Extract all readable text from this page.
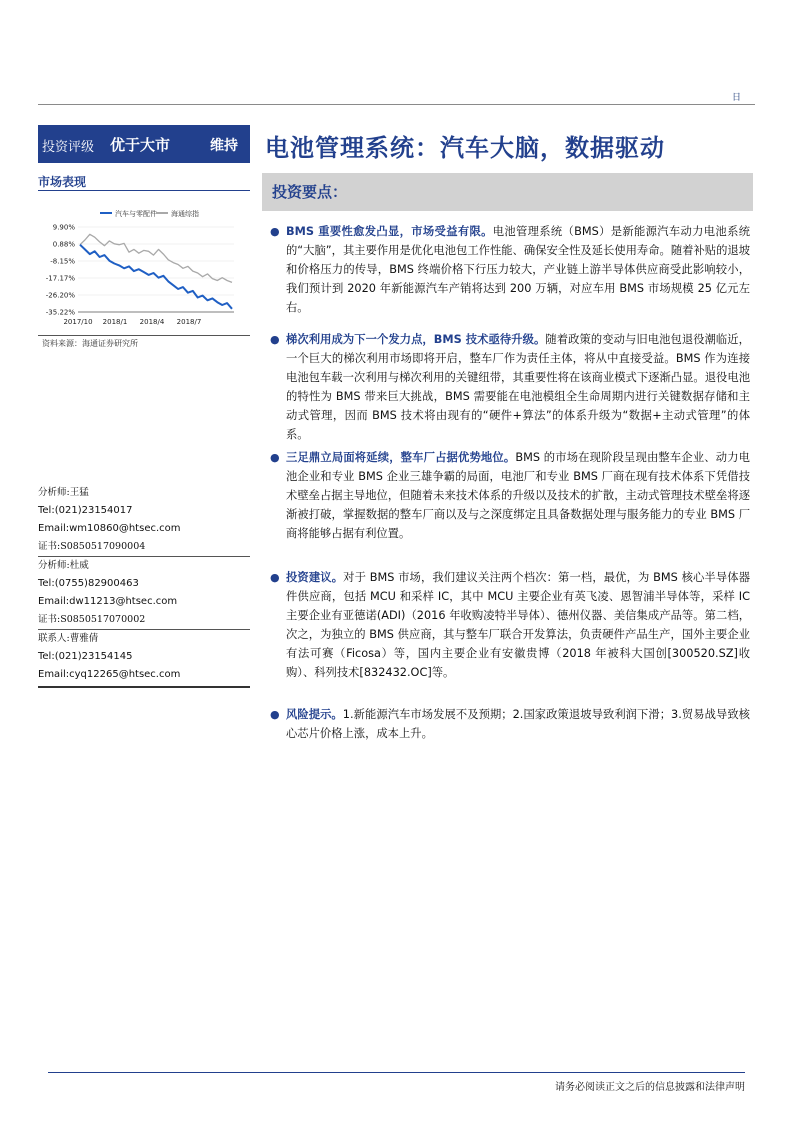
日
投资评级 优于大市	维持 电池管理系统：汽车大脑，数据驱动
市场表现
汽车与零配件 海通综指
9.90%
0.88%
-8.15%
-17.17%
-26.20%
-35.22%
2017/10 2018/1 2018/4 2018/7
资料来源：海通证券研究所
分析师:王猛
Tel:(021)23154017
Email:wm10860@htsec.com
证书:S0850517090004
分析师:杜威
Tel:(0755)82900463
Email:dw11213@htsec.com
证书:S0850517070002
联系人:曹雅倩
Tel:(021)23154145
Email:cyq12265@htsec.com
投资要点：
● BMS 重要性愈发凸显，市场受益有限。电池管理系统（BMS）是新能源汽车动力电池系统的“大脑”，其主要作用是优化电池包工作性能、确保安全性及延长使用寿命。随着补贴的退坡和价格压力的传导，BMS 终端价格下行压力较大，产业链上游半导体供应商受此影响较小，我们预计到 2020 年新能源汽车产销将达到 200 万辆，对应车用 BMS 市场规模 25 亿元左右。
● 梯次利用成为下一个发力点，BMS 技术亟待升级。随着政策的变动与旧电池包退役潮临近，一个巨大的梯次利用市场即将开启，整车厂作为责任主体，将从中直接受益。BMS 作为连接电池包车载一次利用与梯次利用的关键纽带，其重要性将在该商业模式下逐渐凸显。退役电池的特性为 BMS 带来巨大挑战，BMS 需要能在电池模组全生命周期内进行关键数据存储和主动式管理，因而 BMS 技术将由现有的“硬件+算法”的体系升级为“数据+主动式管理”的体系。
● 三足鼎立局面将延续，整车厂占据优势地位。BMS 的市场在现阶段呈现由整车企业、动力电池企业和专业 BMS 企业三雄争霸的局面，电池厂和专业 BMS 厂商在现有技术体系下凭借技术壁垒占据主导地位，但随着未来技术体系的升级以及技术的扩散，主动式管理技术壁垒将逐渐被打破，掌握数据的整车厂商以及与之深度绑定且具备数据处理与服务能力的专业 BMS 厂商将能够占据有利位置。
● 投资建议。对于 BMS 市场，我们建议关注两个档次：第一档，最优，为 BMS 核心半导体器件供应商，包括 MCU 和采样 IC，其中 MCU 主要企业有英飞凌、恩智浦半导体等，采样 IC 主要企业有亚德诺(ADI)（2016 年收购凌特半导体）、德州仪器、美信集成产品等。第二档，次之，为独立的 BMS 供应商，其与整车厂联合开发算法，负责硬件产品生产，国外主要企业有法可赛（Ficosa）等，国内主要企业有安徽贵博（2018 年被科大国创[300520.SZ]收购）、科列技术[832432.OC]等。
● 风险提示。1.新能源汽车市场发展不及预期；2.国家政策退坡导致利润下滑；3.贸易战导致核心芯片价格上涨，成本上升。
请务必阅读正文之后的信息披露和法律声明
